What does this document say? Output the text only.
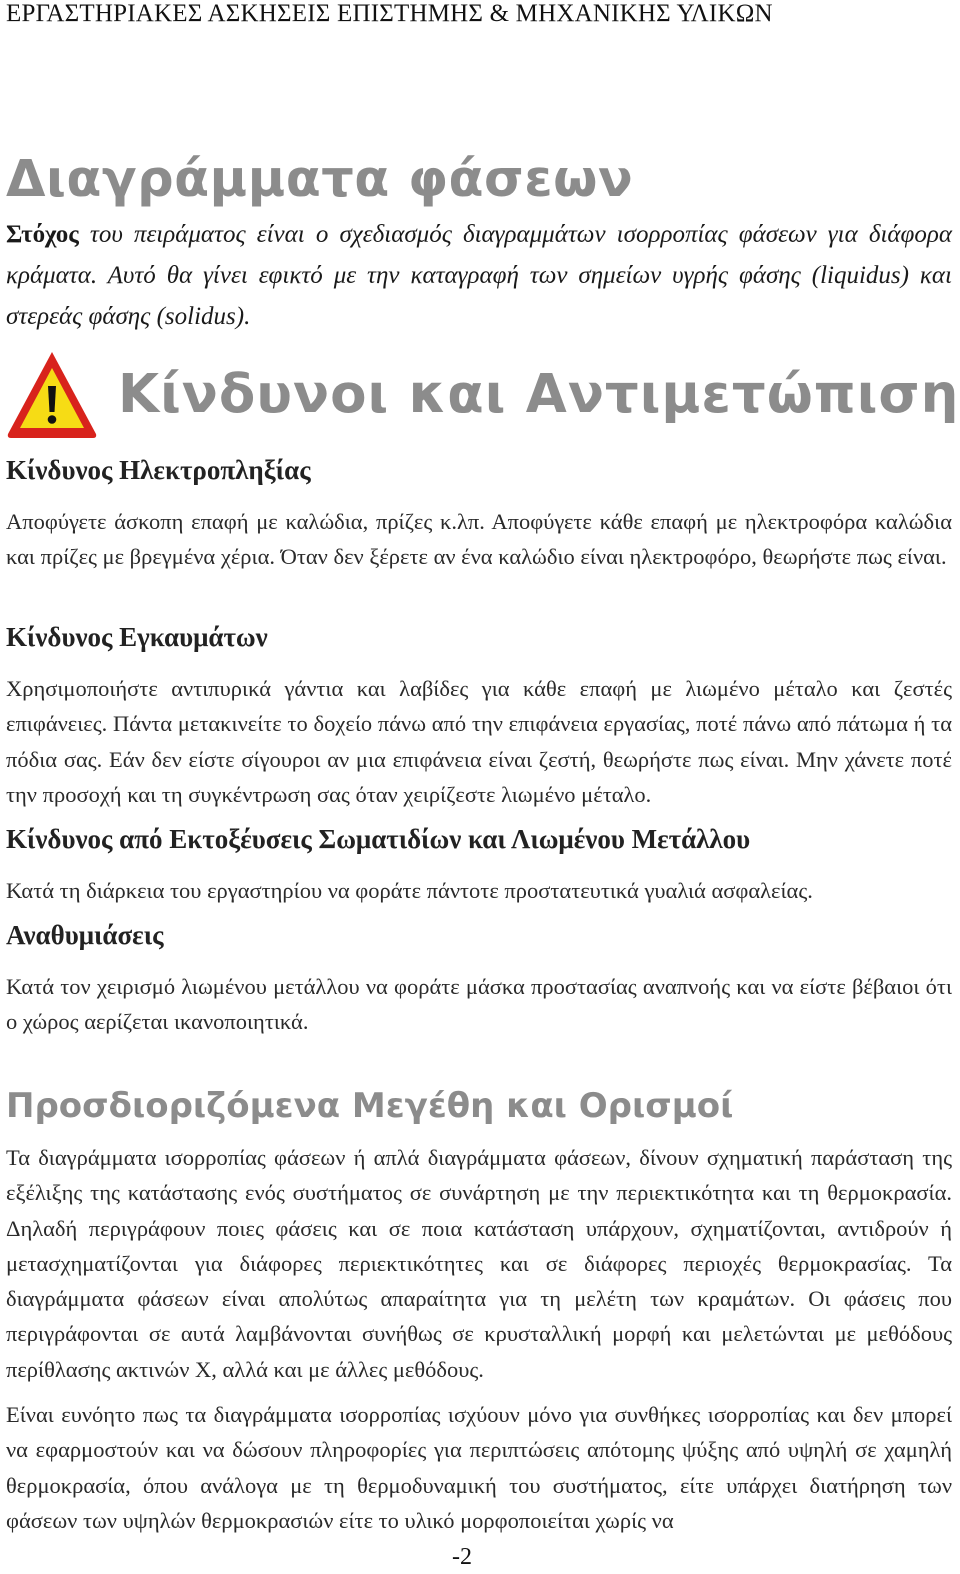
ΕΡΓΑΣΤΗΡΙΑΚΕΣ ΑΣΚΗΣΕΙΣ ΕΠΙΣΤΗΜΗΣ & ΜΗΧΑΝΙΚΗΣ ΥΛΙΚΩΝ
Διαγράμματα φάσεων
Στόχος του πειράματος είναι ο σχεδιασμός διαγραμμάτων ισορροπίας φάσεων για διάφορα κράματα. Αυτό θα γίνει εφικτό με την καταγραφή των σημείων υγρής φάσης (liquidus) και στερεάς φάσης (solidus).
Κίνδυνοι και Αντιμετώπιση
Κίνδυνος Ηλεκτροπληξίας
Αποφύγετε άσκοπη επαφή με καλώδια, πρίζες κ.λπ. Αποφύγετε κάθε επαφή με ηλεκτροφόρα καλώδια και πρίζες με βρεγμένα χέρια. Όταν δεν ξέρετε αν ένα καλώδιο είναι ηλεκτροφόρο, θεωρήστε πως είναι.
Κίνδυνος Εγκαυμάτων
Χρησιμοποιήστε αντιπυρικά γάντια και λαβίδες για κάθε επαφή με λιωμένο μέταλο και ζεστές επιφάνειες. Πάντα μετακινείτε το δοχείο πάνω από την επιφάνεια εργασίας, ποτέ πάνω από πάτωμα ή τα πόδια σας. Εάν δεν είστε σίγουροι αν μια επιφάνεια είναι ζεστή, θεωρήστε πως είναι. Μην χάνετε ποτέ την προσοχή και τη συγκέντρωση σας όταν χειρίζεστε λιωμένο μέταλο.
Κίνδυνος από Εκτοξέυσεις Σωματιδίων και Λιωμένου Μετάλλου
Κατά τη διάρκεια του εργαστηρίου να φοράτε πάντοτε προστατευτικά γυαλιά ασφαλείας.
Αναθυμιάσεις
Κατά τον χειρισμό λιωμένου μετάλλου να φοράτε μάσκα προστασίας αναπνοής και να είστε βέβαιοι ότι ο χώρος αερίζεται ικανοποιητικά.
Προσδιοριζόμενα Μεγέθη και Ορισμοί
Τα διαγράμματα ισορροπίας φάσεων ή απλά διαγράμματα φάσεων, δίνουν σχηματική παράσταση της εξέλιξης της κατάστασης ενός συστήματος σε συνάρτηση με την περιεκτικότητα και τη θερμοκρασία. Δηλαδή περιγράφουν ποιες φάσεις και σε ποια κατάσταση υπάρχουν, σχηματίζονται, αντιδρούν ή μετασχηματίζονται για διάφορες περιεκτικότητες και σε διάφορες περιοχές θερμοκρασίας. Τα διαγράμματα φάσεων είναι απολύτως απαραίτητα για τη μελέτη των κραμάτων. Οι φάσεις που περιγράφονται σε αυτά λαμβάνονται συνήθως σε κρυσταλλική μορφή και μελετώνται με μεθόδους περίθλασης ακτινών Χ, αλλά και με άλλες μεθόδους.
Είναι ευνόητο πως τα διαγράμματα ισορροπίας ισχύουν μόνο για συνθήκες ισορροπίας και δεν μπορεί να εφαρμοστούν και να δώσουν πληροφορίες για περιπτώσεις απότομης ψύξης από υψηλή σε χαμηλή θερμοκρασία, όπου ανάλογα με τη θερμοδυναμική του συστήματος, είτε υπάρχει διατήρηση των φάσεων των υψηλών θερμοκρασιών είτε το υλικό μορφοποιείται χωρίς να
-2
